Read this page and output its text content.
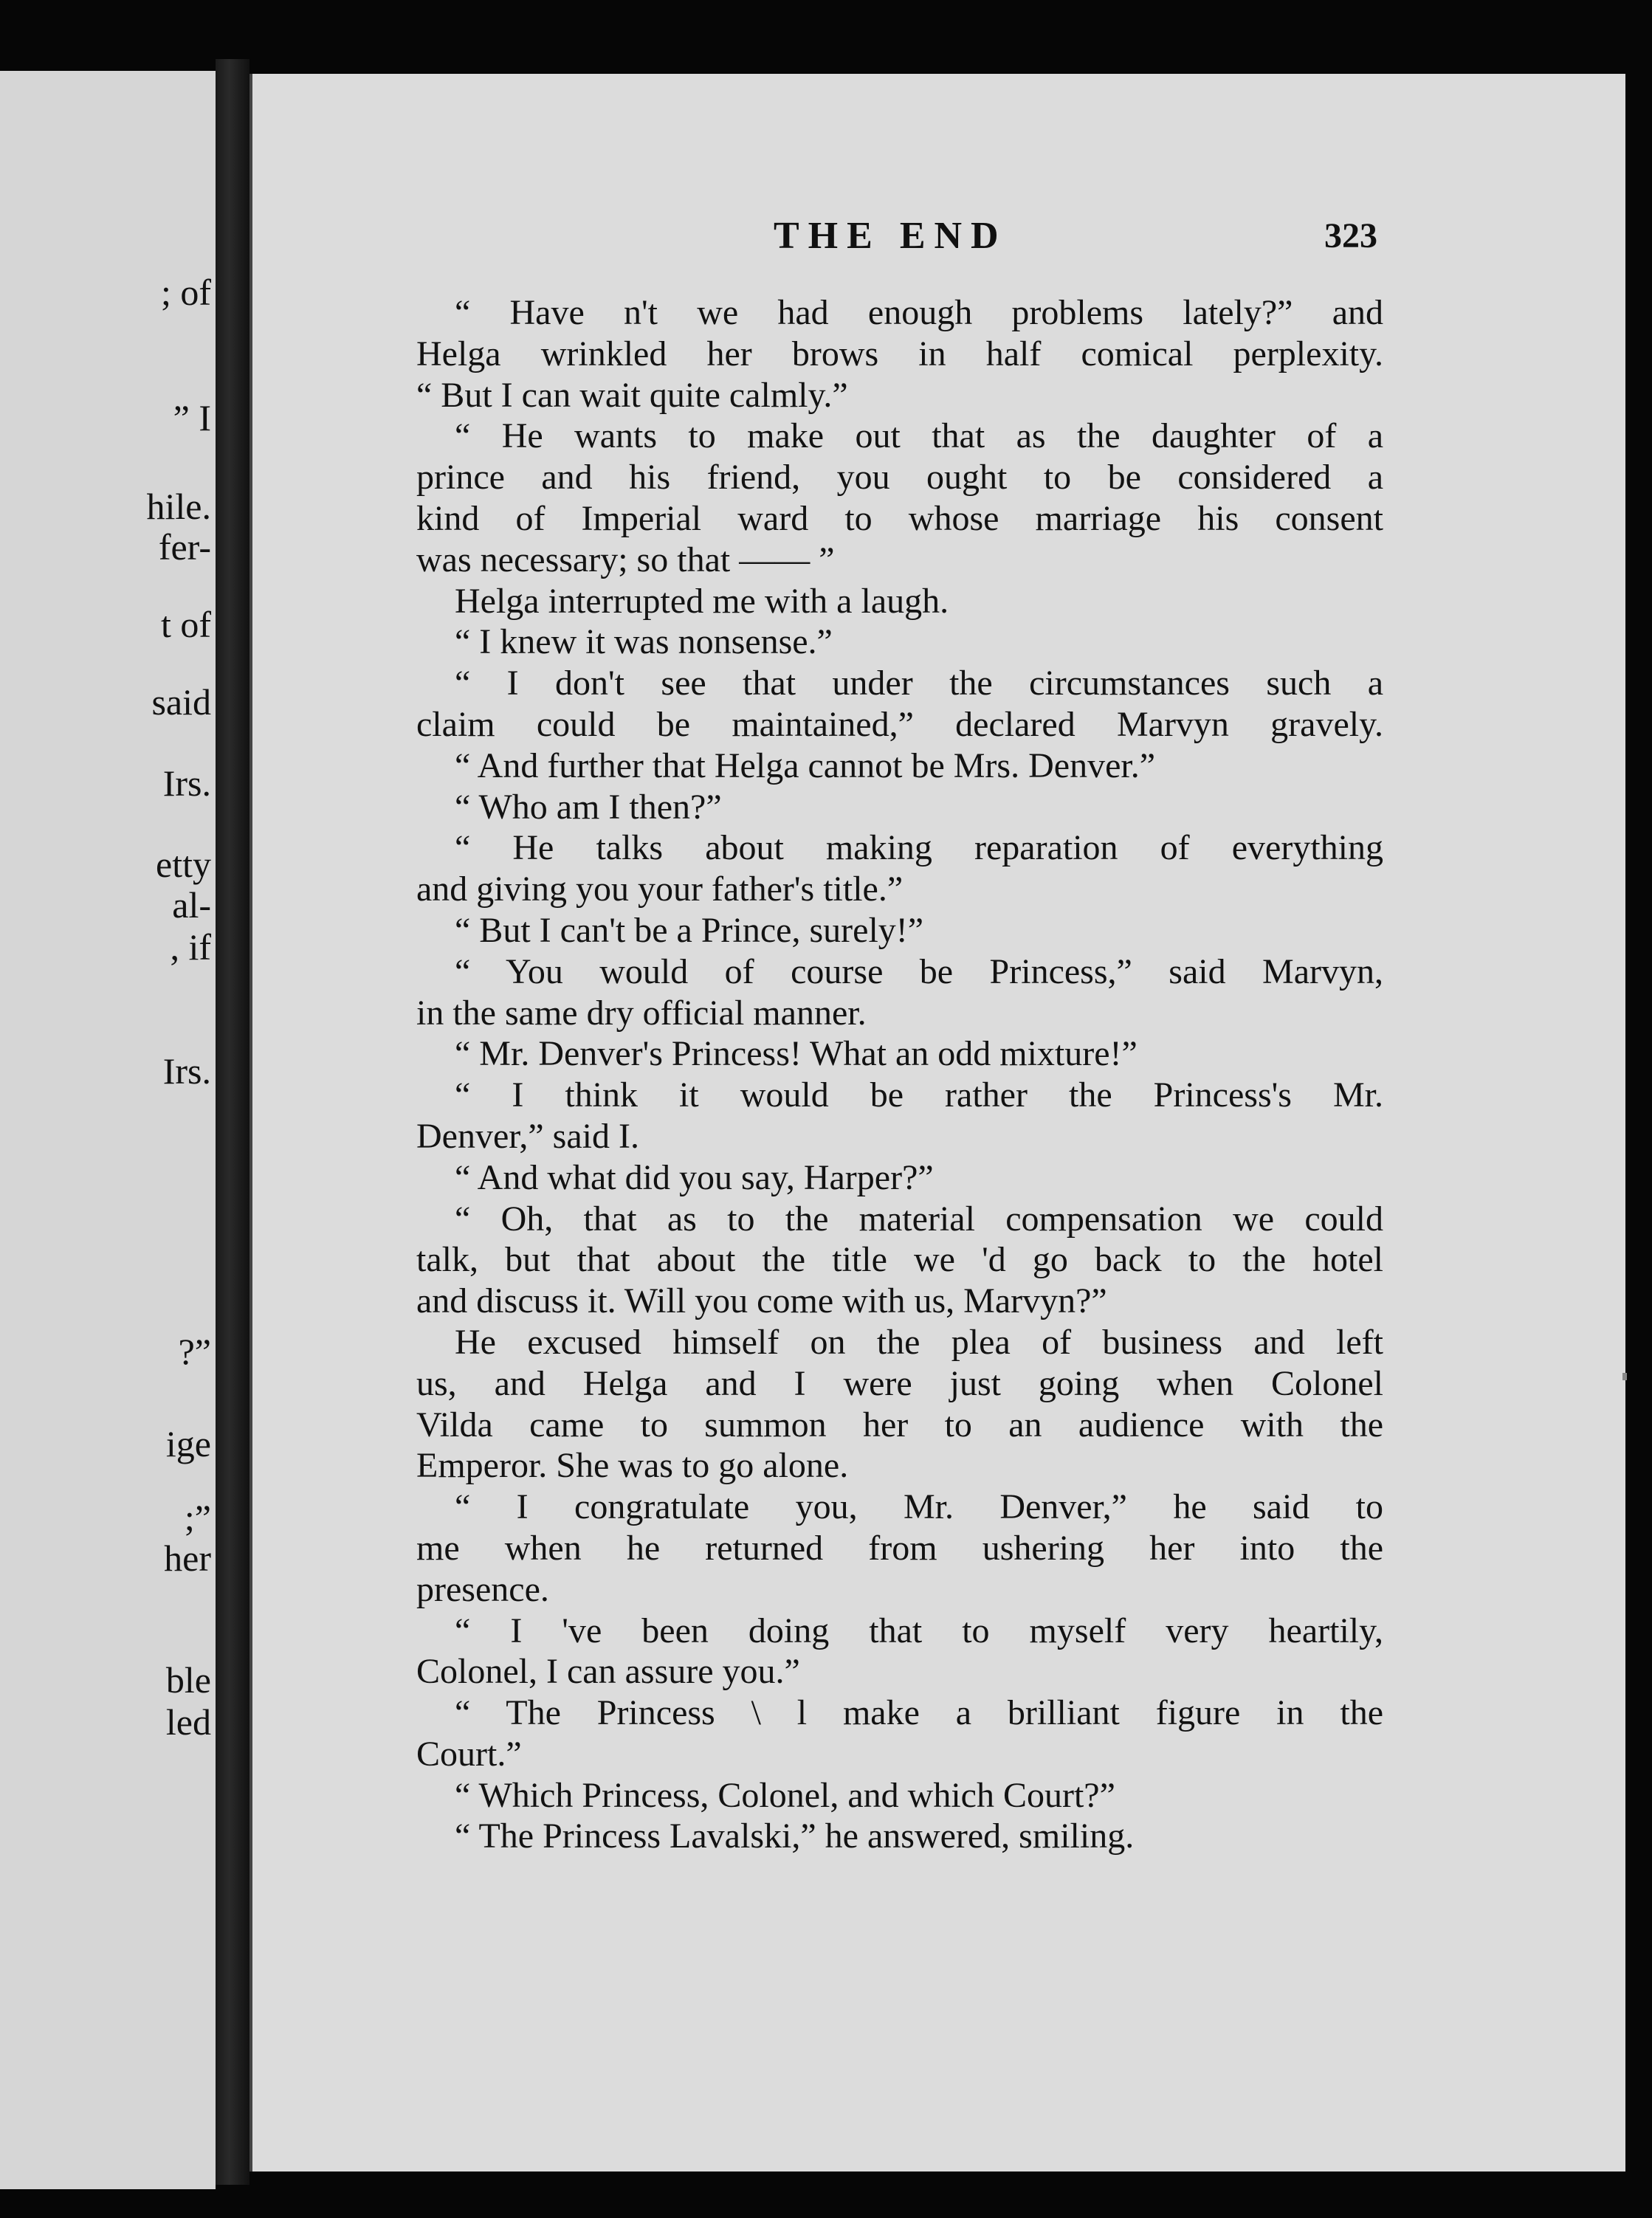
; of
” I
hile.
fer-
t of
said
Irs.
etty
al-
, if
Irs.
?”
ige
;”
her
ble
led
THE END	323
“ Have n't we had enough problems lately?” and
Helga wrinkled her brows in half comical perplexity.
“ But I can wait quite calmly.”
“ He wants to make out that as the daughter of a
prince and his friend, you ought to be considered a
kind of Imperial ward to whose marriage his consent
was necessary; so that —— ”
Helga interrupted me with a laugh.
“ I knew it was nonsense.”
“ I don't see that under the circumstances such a
claim could be maintained,” declared Marvyn gravely.
“ And further that Helga cannot be Mrs. Denver.”
“ Who am I then?”
“ He talks about making reparation of everything
and giving you your father's title.”
“ But I can't be a Prince, surely!”
“ You would of course be Princess,” said Marvyn,
in the same dry official manner.
“ Mr. Denver's Princess! What an odd mixture!”
“ I think it would be rather the Princess's Mr.
Denver,” said I.
“ And what did you say, Harper?”
“ Oh, that as to the material compensation we could
talk, but that about the title we 'd go back to the hotel
and discuss it. Will you come with us, Marvyn?”
He excused himself on the plea of business and left
us, and Helga and I were just going when Colonel
Vilda came to summon her to an audience with the
Emperor. She was to go alone.
“ I congratulate you, Mr. Denver,” he said to
me when he returned from ushering her into the
presence.
“ I 've been doing that to myself very heartily,
Colonel, I can assure you.”
“ The Princess \ l make a brilliant figure in the
Court.”
“ Which Princess, Colonel, and which Court?”
“ The Princess Lavalski,” he answered, smiling.
